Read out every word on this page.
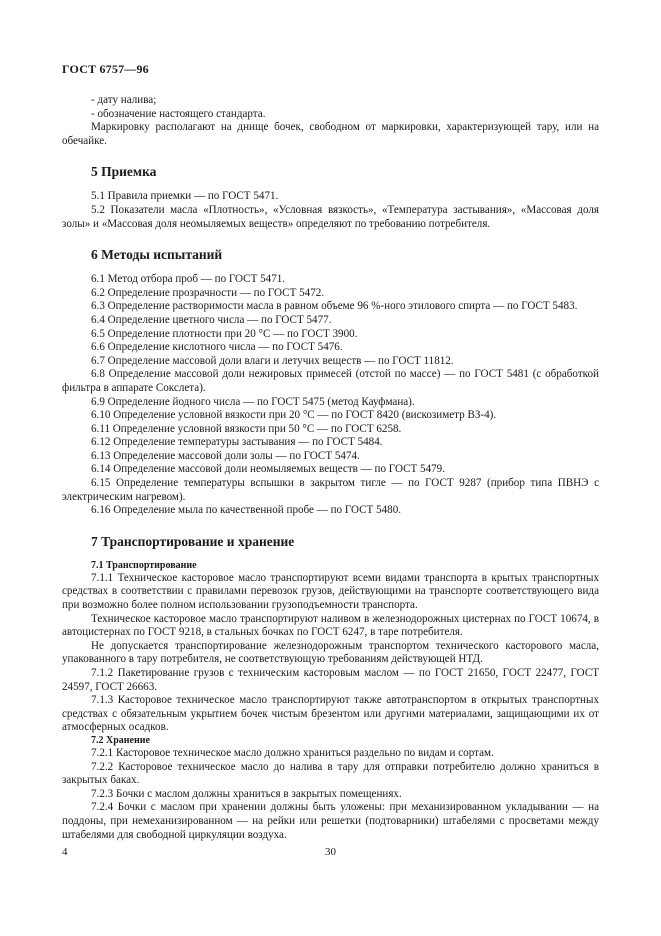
ГОСТ 6757—96

- дату налива;

- обозначение настоящего стандарта.

Маркировку располагают на днище бочек, свободном от маркировки, характеризующей тару, или на обечайке.

5 Приемка

5.1 Правила приемки — по ГОСТ 5471.

5.2 Показатели масла «Плотность», «Условная вязкость», «Температура застывания», «Массовая доля золы» и «Массовая доля неомыляемых веществ» определяют по требованию потребителя.

6 Методы испытаний

6.1 Метод отбора проб — по ГОСТ 5471.

6.2 Определение прозрачности — по ГОСТ 5472.

6.3 Определение растворимости масла в равном объеме 96 %-ного этилового спирта — по ГОСТ 5483.

6.4 Определение цветного числа — по ГОСТ 5477.

6.5 Определение плотности при 20 °С — по ГОСТ 3900.

6.6 Определение кислотного числа — по ГОСТ 5476.

6.7 Определение массовой доли влаги и летучих веществ — по ГОСТ 11812.

6.8 Определение массовой доли нежировых примесей (отстой по массе) — по ГОСТ 5481 (с обработкой фильтра в аппарате Сокслета).

6.9 Определение йодного числа — по ГОСТ 5475 (метод Кауфмана).

6.10 Определение условной вязкости при 20 °С — по ГОСТ 8420 (вискозиметр ВЗ-4).

6.11 Определение условной вязкости при 50 °С — по ГОСТ 6258.

6.12 Определение температуры застывания — по ГОСТ 5484.

6.13 Определение массовой доли золы — по ГОСТ 5474.

6.14 Определение массовой доли неомыляемых веществ — по ГОСТ 5479.

6.15 Определение температуры вспышки в закрытом тигле — по ГОСТ 9287 (прибор типа ПВНЭ с электрическим нагревом).

6.16 Определение мыла по качественной пробе — по ГОСТ 5480.

7 Транспортирование и хранение
7.1 Транспортирование

7.1.1 Техническое касторовое масло транспортируют всеми видами транспорта в крытых транспортных средствах в соответствии с правилами перевозок грузов, действующими на транспорте соответствующего вида при возможно более полном использовании грузоподъемности транспорта.

Техническое касторовое масло транспортируют наливом в железнодорожных цистернах по ГОСТ 10674, в автоцистернах по ГОСТ 9218, в стальных бочках по ГОСТ 6247, в таре потребителя.

Не допускается транспортирование железнодорожным транспортом технического касторового масла, упакованного в тару потребителя, не соответствующую требованиям действующей НТД.

7.1.2 Пакетирование грузов с техническим касторовым маслом — по ГОСТ 21650, ГОСТ 22477, ГОСТ 24597, ГОСТ 26663.

7.1.3 Касторовое техническое масло транспортируют также автотранспортом в открытых транспортных средствах с обязательным укрытием бочек чистым брезентом или другими материалами, защищающими их от атмосферных осадков.

7.2 Хранение

7.2.1 Касторовое техническое масло должно храниться раздельно по видам и сортам.

7.2.2 Касторовое техническое масло до налива в тару для отправки потребителю должно храниться в закрытых баках.

7.2.3 Бочки с маслом должны храниться в закрытых помещениях.

7.2.4 Бочки с маслом при хранении должны быть уложены: при механизированном укладывании — на поддоны, при немеханизированном — на рейки или решетки (подтоварники) штабелями с просветами между штабелями для свободной циркуляции воздуха.

30
4
